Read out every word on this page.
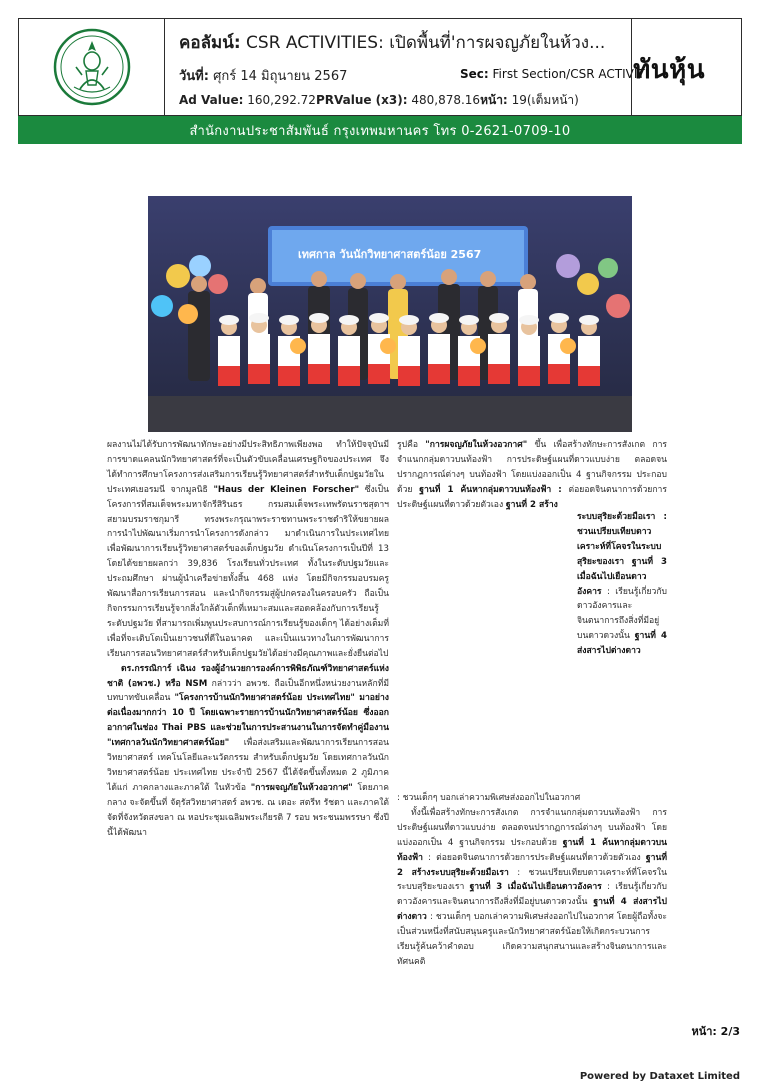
คอลัมน์: CSR ACTIVITIES: เปิดพื้นที่'การผจญภัยในห้วง...
วันที่: ศุกร์ 14 มิถุนายน 2567	Sec: First Section/CSR ACTIVITI
Ad Value: 160,292.72PRValue (x3): 480,878.16หน้า: 19(เต็มหน้า)
ทันหุ้น
สำนักงานประชาสัมพันธ์ กรุงเทพมหานคร โทร 0-2621-0709-10
เทศกาล วันนักวิทยาศาสตร์น้อย 2567

ผลงานไม่ได้รับการพัฒนาทักษะอย่างมีประสิทธิภาพเพียงพอ ทำให้ปัจจุบันมีการขาดแคลนนักวิทยาศาสตร์ที่จะเป็นตัวขับเคลื่อนเศรษฐกิจของประเทศ จึงได้ทำการศึกษาโครงการส่งเสริมการเรียนรู้วิทยาศาสตร์สำหรับเด็กปฐมวัยในประเทศเยอรมนี จากมูลนิธิ "Haus der Kleinen Forscher" ซึ่งเป็นโครงการที่สมเด็จพระมหาจักรีสิรินธร กรมสมเด็จพระเทพรัตนราชสุดาฯ สยามบรมราชกุมารี ทรงพระกรุณาพระราชทานพระราชดำริให้ขยายผลการนำไปพัฒนาเริ่มการนำโครงการดังกล่าว มาดำเนินการในประเทศไทย เพื่อพัฒนาการเรียนรู้วิทยาศาสตร์ของเด็กปฐมวัย ดำเนินโครงการเป็นปีที่ 13 โดยได้ขยายผลกว่า 39,836 โรงเรียนทั่วประเทศ ทั้งในระดับปฐมวัยและประถมศึกษา ผ่านผู้นำเครือข่ายทั้งสิ้น 468 แห่ง โดยมีกิจกรรมอบรมครู พัฒนาสื่อการเรียนการสอน และนำกิจกรรมสู่ผู้ปกครองในครอบครัว ถือเป็นกิจกรรมการเรียนรู้จากสิ่งใกล้ตัวเด็กที่เหมาะสมและสอดคล้องกับการเรียนรู้ระดับปฐมวัย ที่สามารถเพิ่มพูนประสบการณ์การเรียนรู้ของเด็กๆ ได้อย่างเต็มที่ เพื่อที่จะเติบโตเป็นเยาวชนที่ดีในอนาคต และเป็นแนวทางในการพัฒนาการเรียนการสอนวิทยาศาสตร์สำหรับเด็กปฐมวัยได้อย่างมีคุณภาพและยั่งยืนต่อไป

ดร.กรรณิการ์ เฉินง รองผู้อำนวยการองค์การพิพิธภัณฑ์วิทยาศาสตร์แห่งชาติ (อพวช.) หรือ NSM กล่าวว่า อพวช. ถือเป็นอีกหนึ่งหน่วยงานหลักที่มีบทบาทขับเคลื่อน "โครงการบ้านนักวิทยาศาสตร์น้อย ประเทศไทย" มาอย่างต่อเนื่องมากกว่า 10 ปี โดยเฉพาะรายการบ้านนักวิทยาศาสตร์น้อย ซึ่งออกอากาศในช่อง Thai PBS และช่วยในการประสานงานในการจัดทำคู่มืองาน "เทศกาลวันนักวิทยาศาสตร์น้อย" เพื่อส่งเสริมและพัฒนาการเรียนการสอนวิทยาศาสตร์ เทคโนโลยีและนวัตกรรม สำหรับเด็กปฐมวัย โดยเทศกาลวันนักวิทยาศาสตร์น้อย ประเทศไทย ประจำปี 2567 นี้ได้จัดขึ้นทั้งหมด 2 ภูมิภาค ได้แก่ ภาคกลางและภาคใต้ ในหัวข้อ "การผจญภัยในห้วงอวกาศ" โดยภาคกลาง จะจัดขึ้นที่ จัตุรัสวิทยาศาสตร์ อพวช. ณ เดอะ สตรีท รัชดา และภาคใต้ จัดที่จังหวัดสงขลา ณ หอประชุมเฉลิมพระเกียรติ 7 รอบ พระชนมพรรษา ซึ่งปีนี้ได้พัฒนา

รูปคือ "การผจญภัยในห้วงอวกาศ" ขึ้น เพื่อสร้างทักษะการสังเกต การจำแนกกลุ่มดาวบนท้องฟ้า การประดิษฐ์แผนที่ดาวแบบง่าย ตลอดจนปรากฏการณ์ต่างๆ บนท้องฟ้า โดยแบ่งออกเป็น 4 ฐานกิจกรรม ประกอบด้วย ฐานที่ 1 ค้นหากลุ่มดาวบนท้องฟ้า : ต่อยอดจินตนาการด้วยการประดิษฐ์แผนที่ดาวด้วยตัวเอง ฐานที่ 2 สร้าง

ระบบสุริยะด้วยมือเรา : ชวนเปรียบเทียบดาวเคราะห์ที่โคจรในระบบสุริยะของเรา ฐานที่ 3 เมื่อฉันไปเยือนดาวอังคาร : เรียนรู้เกี่ยวกับดาวอังคารและจินตนาการถึงสิ่งที่มีอยู่บนดาวดวงนั้น ฐานที่ 4 ส่งสารไปต่างดาว

: ชวนเด็กๆ บอกเล่าความพิเศษส่งออกไปในอวกาศ

ทั้งนี้เพื่อสร้างทักษะการสังเกต การจำแนกกลุ่มดาวบนท้องฟ้า การประดิษฐ์แผนที่ดาวแบบง่าย ตลอดจนปรากฏการณ์ต่างๆ บนท้องฟ้า โดยแบ่งออกเป็น 4 ฐานกิจกรรม ประกอบด้วย ฐานที่ 1 ค้นหากลุ่มดาวบนท้องฟ้า : ต่อยอดจินตนาการด้วยการประดิษฐ์แผนที่ดาวด้วยตัวเอง ฐานที่ 2 สร้างระบบสุริยะด้วยมือเรา : ชวนเปรียบเทียบดาวเคราะห์ที่โคจรในระบบสุริยะของเรา ฐานที่ 3 เมื่อฉันไปเยือนดาวอังคาร : เรียนรู้เกี่ยวกับดาวอังคารและจินตนาการถึงสิ่งที่มีอยู่บนดาวดวงนั้น ฐานที่ 4 ส่งสารไปต่างดาว : ชวนเด็กๆ บอกเล่าความพิเศษส่งออกไปในอวกาศ โดยผู้ถือทั้งจะเป็นส่วนหนึ่งที่สนับสนุนครูและนักวิทยาศาสตร์น้อยให้เกิดกระบวนการเรียนรู้ค้นคว้าคำตอบ เกิดความสนุกสนานและสร้างจินตนาการและทัศนคติ

หน้า: 2/3
Powered by Dataxet Limited
